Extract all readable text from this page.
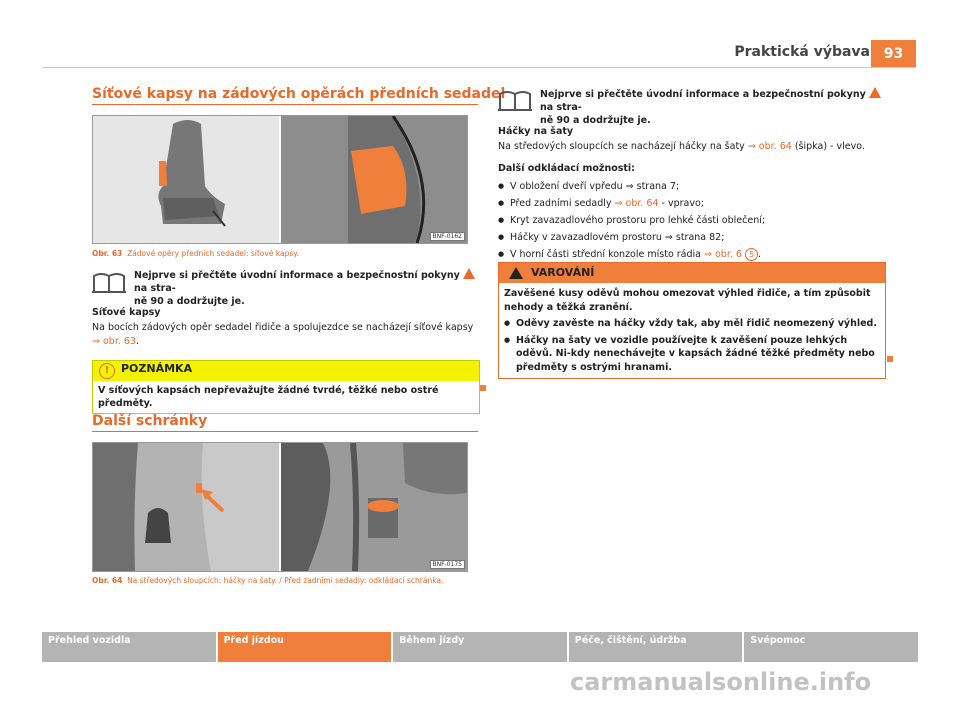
Praktická výbava 93
Síťové kapsy na zádových opěrách předních sedadel
BNF-0162
Obr. 63 Zádové opěry předních sedadel: síťové kapsy.
Nejprve si přečtěte úvodní informace a bezpečnostní pokyny  na stra-
ně 90 a dodržujte je.
Síťové kapsy
Na bocích zádových opěr sedadel řidiče a spolujezdce se nacházejí síťové kapsy
⇒ obr. 63.
! POZNÁMKA
V síťových kapsách nepřevažujte žádné tvrdé, těžké nebo ostré předměty.
Další schránky
BNF-0175
Obr. 64 Na středových sloupcích: háčky na šaty. / Před zadními sedadly: odkládací schránka.
Nejprve si přečtěte úvodní informace a bezpečnostní pokyny  na stra-
ně 90 a dodržujte je.
Háčky na šaty
Na středových sloupcích se nacházejí háčky na šaty ⇒ obr. 64 (šipka) - vlevo.
Další odkládací možnosti:
● V obložení dveří vpředu ⇒ strana 7;
● Před zadními sedadly ⇒ obr. 64 - vpravo;
● Kryt zavazadlového prostoru pro lehké části oblečení;
● Háčky v zavazadlovém prostoru ⇒ strana 82;
● V horní části střední konzole místo rádia ⇒ obr. 6 5 .
VAROVÁNÍ
Zavěšené kusy oděvů mohou omezovat výhled řidiče, a tím způsobit nehody a těžká zranění.
● Oděvy zavěste na háčky vždy tak, aby měl řidič neomezený výhled.
● Háčky na šaty ve vozidle používejte k zavěšení pouze lehkých oděvů. Ni-kdy nenechávejte v kapsách žádné těžké předměty nebo předměty s ostrými hranami.
Přehled vozidla	Před jízdou	Během jízdy	Péče, čištění, údržba	Svépomoc
carmanualsonline.info
